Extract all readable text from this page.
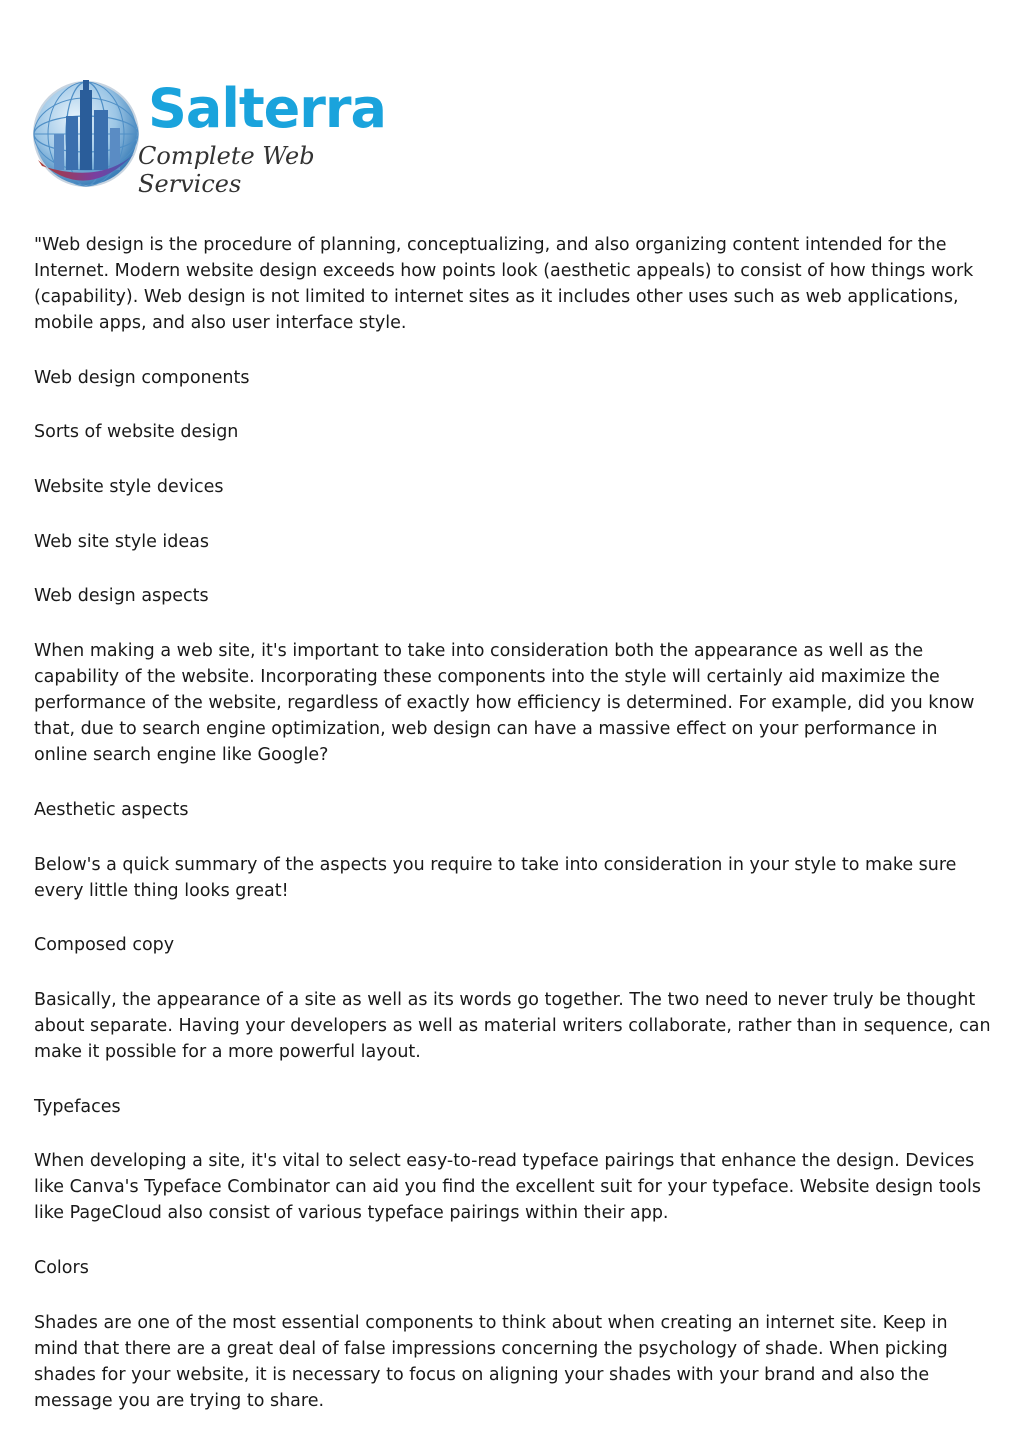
Salterra
Complete Web Services

"Web design is the procedure of planning, conceptualizing, and also organizing content intended for the Internet. Modern website design exceeds how points look (aesthetic appeals) to consist of how things work (capability). Web design is not limited to internet sites as it includes other uses such as web applications, mobile apps, and also user interface style.

Web design components

Sorts of website design

Website style devices

Web site style ideas

Web design aspects

When making a web site, it's important to take into consideration both the appearance as well as the capability of the website. Incorporating these components into the style will certainly aid maximize the performance of the website, regardless of exactly how efficiency is determined. For example, did you know that, due to search engine optimization, web design can have a massive effect on your performance in online search engine like Google?

Aesthetic aspects

Below's a quick summary of the aspects you require to take into consideration in your style to make sure every little thing looks great!

Composed copy

Basically, the appearance of a site as well as its words go together. The two need to never truly be thought about separate. Having your developers as well as material writers collaborate, rather than in sequence, can make it possible for a more powerful layout.

Typefaces

When developing a site, it's vital to select easy-to-read typeface pairings that enhance the design. Devices like Canva's Typeface Combinator can aid you find the excellent suit for your typeface. Website design tools like PageCloud also consist of various typeface pairings within their app.

Colors

Shades are one of the most essential components to think about when creating an internet site. Keep in mind that there are a great deal of false impressions concerning the psychology of shade. When picking shades for your website, it is necessary to focus on aligning your shades with your brand and also the message you are trying to share.
